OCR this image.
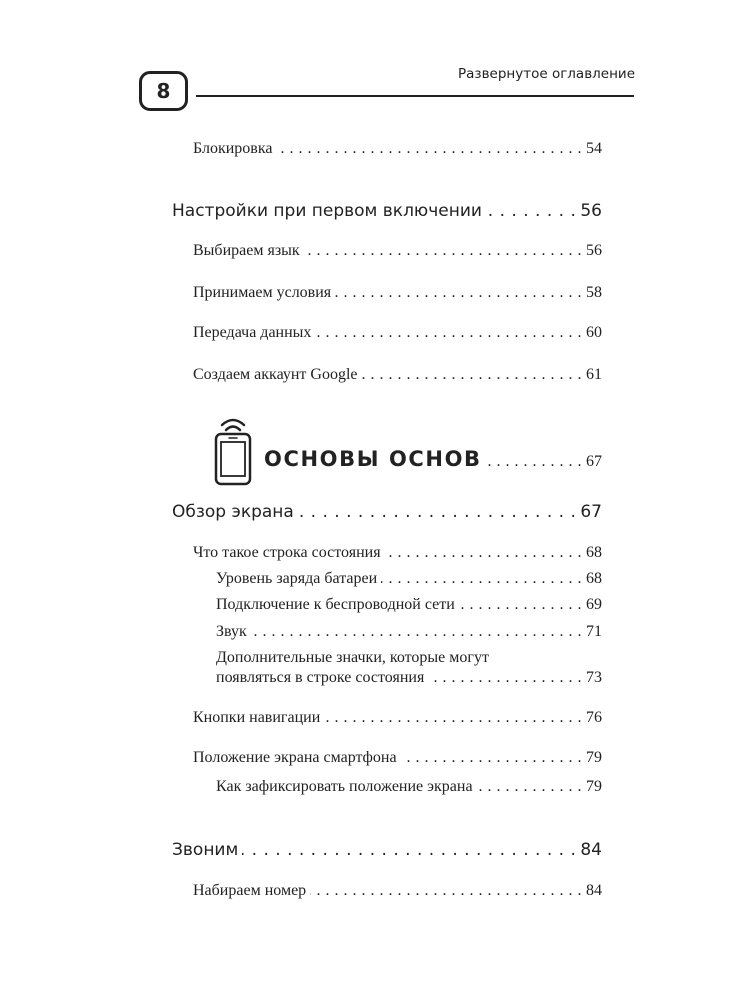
8
Развернутое оглавление
Блокировка . . .	54
Настройки при первом включении . . .	56
Выбираем язык . . .	56
Принимаем условия . . .	58
Передача данных . . .	60
Создаем аккаунт Google . . .	61
ОСНОВЫ ОСНОВ . . .	67
Обзор экрана . . .	67
Что такое строка состояния . . .	68
Уровень заряда батареи . . .	68
Подключение к беспроводной сети . . .	69
Звук . . .	71
Дополнительные значки, которые могут
появляться в строке состояния . . .	73
Кнопки навигации . . .	76
Положение экрана смартфона . . .	79
Как зафиксировать положение экрана . . .	79
Звоним . . .	84
Набираем номер . . .	84
